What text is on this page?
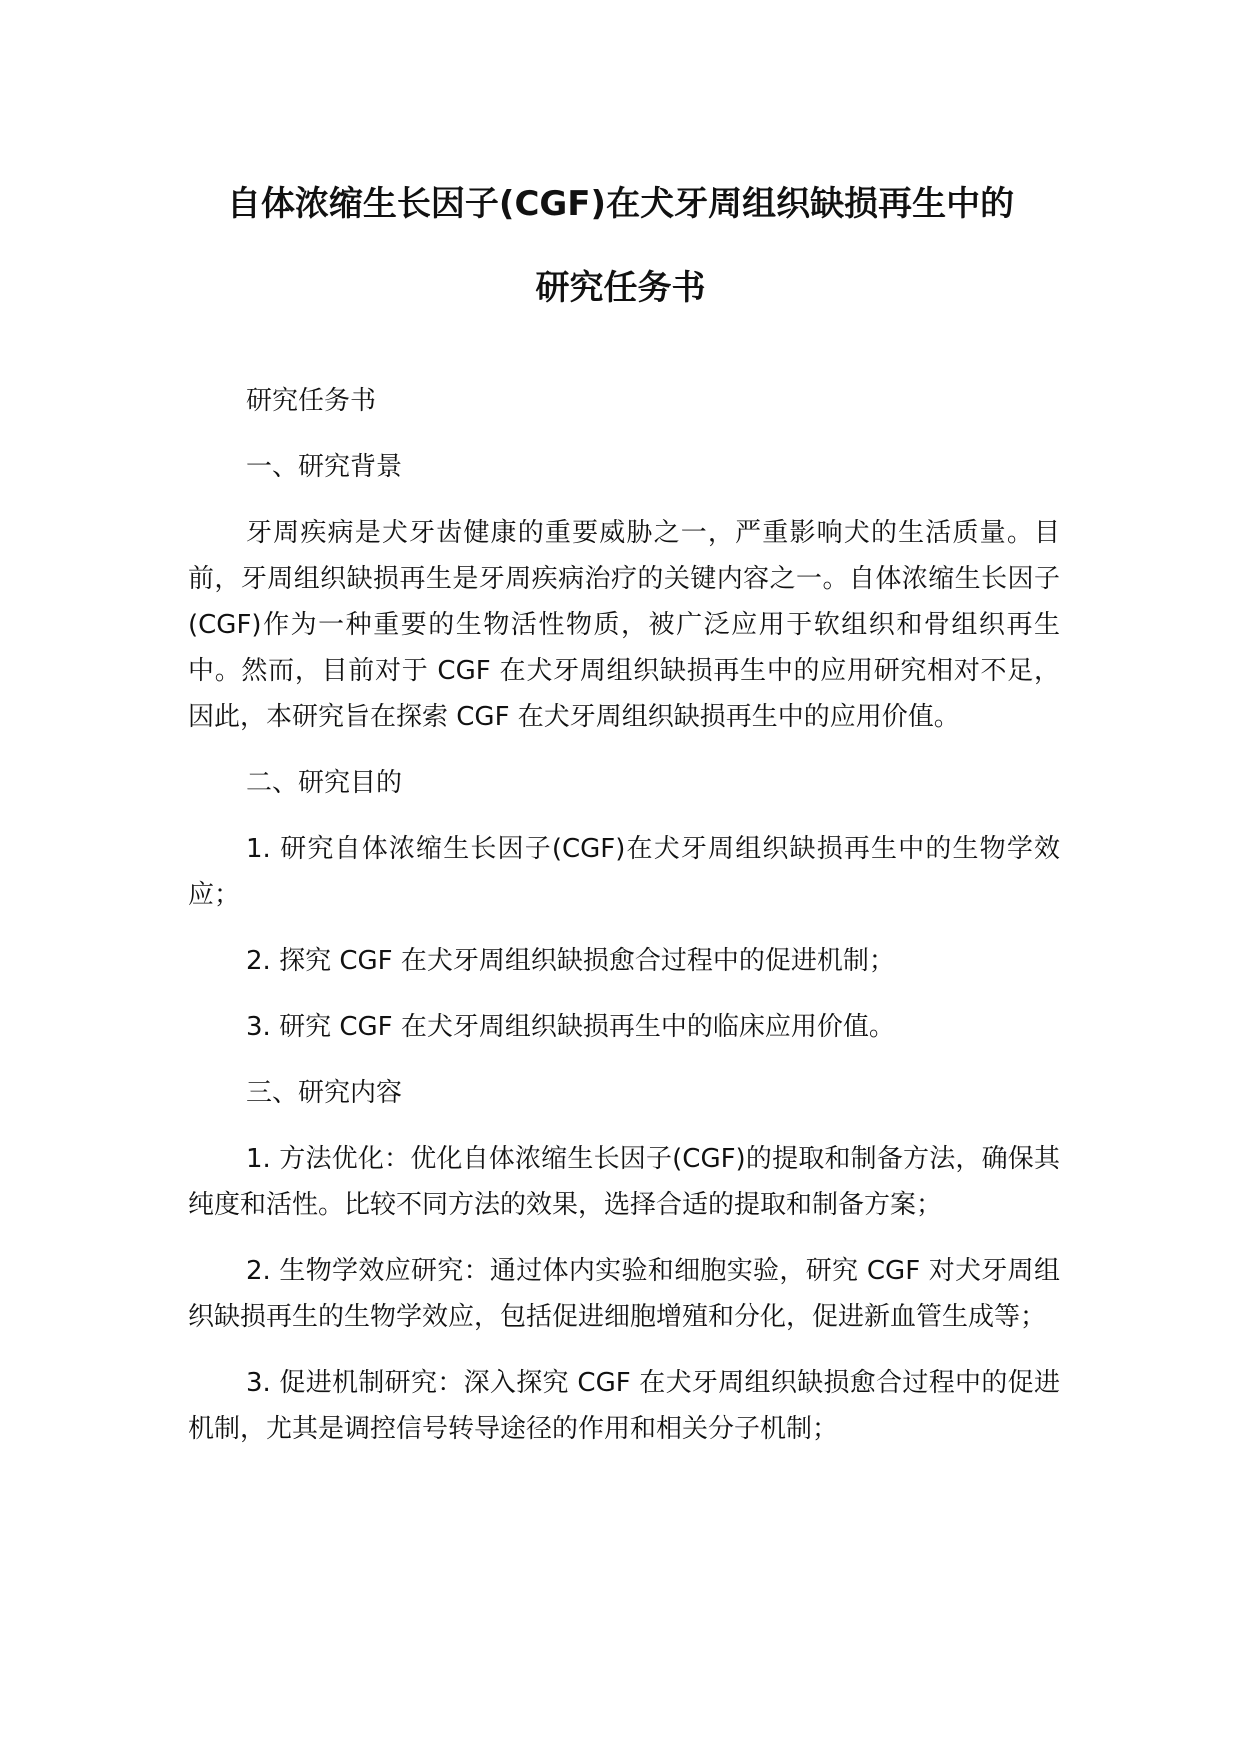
自体浓缩生长因子(CGF)在犬牙周组织缺损再生中的
研究任务书

研究任务书

一、研究背景

牙周疾病是犬牙齿健康的重要威胁之一，严重影响犬的生活质量。目前，牙周组织缺损再生是牙周疾病治疗的关键内容之一。自体浓缩生长因子(CGF)作为一种重要的生物活性物质，被广泛应用于软组织和骨组织再生中。然而，目前对于 CGF 在犬牙周组织缺损再生中的应用研究相对不足，因此，本研究旨在探索 CGF 在犬牙周组织缺损再生中的应用价值。

二、研究目的

1. 研究自体浓缩生长因子(CGF)在犬牙周组织缺损再生中的生物学效应；

2. 探究 CGF 在犬牙周组织缺损愈合过程中的促进机制；

3. 研究 CGF 在犬牙周组织缺损再生中的临床应用价值。

三、研究内容

1. 方法优化：优化自体浓缩生长因子(CGF)的提取和制备方法，确保其纯度和活性。比较不同方法的效果，选择合适的提取和制备方案；

2. 生物学效应研究：通过体内实验和细胞实验，研究 CGF 对犬牙周组织缺损再生的生物学效应，包括促进细胞增殖和分化，促进新血管生成等；

3. 促进机制研究：深入探究 CGF 在犬牙周组织缺损愈合过程中的促进机制，尤其是调控信号转导途径的作用和相关分子机制；
